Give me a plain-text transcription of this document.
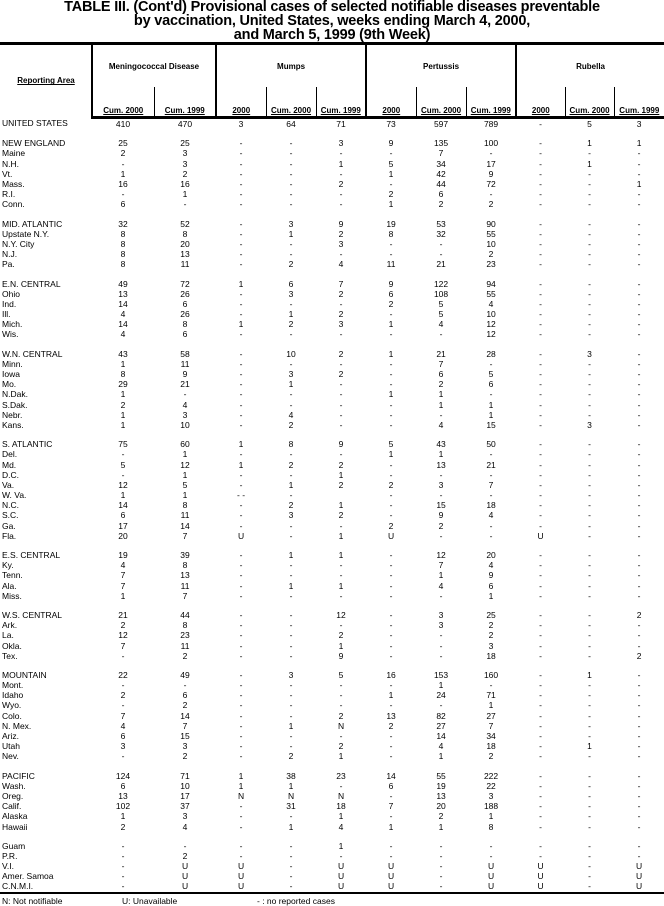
TABLE III. (Cont'd) Provisional cases of selected notifiable diseases preventable
by vaccination, United States, weeks ending March 4, 2000,
and March 5, 1999 (9th Week)
Reporting Area	Meningococcal Disease		Mumps			Pertussis			Rubella		
	Cum. 2000	Cum. 1999	2000	Cum. 2000	Cum. 1999	2000	Cum. 2000	Cum. 1999	2000	Cum. 2000	Cum. 1999
UNITED STATES	410	470	3	64	71	73	597	789	-	5	3

NEW ENGLAND	25	25	-	-	3	9	135	100	-	1	1
Maine	2	3	-	-	-	-	7	-	-	-	-
N.H.	-	3	-	-	1	5	34	17	-	1	-
Vt.	1	2	-	-	-	1	42	9	-	-	-
Mass.	16	16	-	-	2	-	44	72	-	-	1
R.I.	-	1	-	-	-	2	6	-	-	-	-
Conn.	6	-	-	-	-	1	2	2	-	-	-

MID. ATLANTIC	32	52	-	3	9	19	53	90	-	-	-
Upstate N.Y.	8	8	-	1	2	8	32	55	-	-	-
N.Y. City	8	20	-	-	3	-	-	10	-	-	-
N.J.	8	13	-	-	-	-	-	2	-	-	-
Pa.	8	11	-	2	4	11	21	23	-	-	-

E.N. CENTRAL	49	72	1	6	7	9	122	94	-	-	-
Ohio	13	26	-	3	2	6	108	55	-	-	-
Ind.	14	6	-	-	-	2	5	4	-	-	-
Ill.	4	26	-	1	2	-	5	10	-	-	-
Mich.	14	8	1	2	3	1	4	12	-	-	-
Wis.	4	6	-	-	-	-	-	12	-	-	-

W.N. CENTRAL	43	58	-	10	2	1	21	28	-	3	-
Minn.	1	11	-	-	-	-	7	-	-	-	-
Iowa	8	9	-	3	2	-	6	5	-	-	-
Mo.	29	21	-	1	-	-	2	6	-	-	-
N.Dak.	1	-	-	-	-	1	1	-	-	-	-
S.Dak.	2	4	-	-	-	-	1	1	-	-	-
Nebr.	1	3	-	4	-	-	-	1	-	-	-
Kans.	1	10	-	2	-	-	4	15	-	3	-

S. ATLANTIC	75	60	1	8	9	5	43	50	-	-	-
Del.	-	1	-	-	-	1	1	-	-	-	-
Md.	5	12	1	2	2	-	13	21	-	-	-
D.C.	-	1	-	-	1	-	-	-	-	-	-
Va.	12	5	-	1	2	2	3	7	-	-	-
W. Va.	1	1	- -	-		-	-	-	-	-	-
N.C.	14	8	-	2	1	-	15	18	-	-	-
S.C.	6	11	-	3	2	-	9	4	-	-	-
Ga.	17	14	-	-	-	2	2	-	-	-	-
Fla.	20	7	U	-	1	U	-	-	U	-	-

E.S. CENTRAL	19	39	-	1	1	-	12	20	-	-	-
Ky.	4	8	-	-	-	-	7	4	-	-	-
Tenn.	7	13	-	-	-	-	1	9	-	-	-
Ala.	7	11	-	1	1	-	4	6	-	-	-
Miss.	1	7	-	-	-	-	-	1	-	-	-

W.S. CENTRAL	21	44	-	-	12	-	3	25	-	-	2
Ark.	2	8	-	-	-	-	3	2	-	-	-
La.	12	23	-	-	2	-	-	2	-	-	-
Okla.	7	11	-	-	1	-	-	3	-	-	-
Tex.	-	2	-	-	9	-	-	18	-	-	2

MOUNTAIN	22	49	-	3	5	16	153	160	-	1	-
Mont.	-	-	-	-	-	-	1	-	-	-	-
Idaho	2	6	-	-	-	1	24	71	-	-	-
Wyo.	-	2	-	-	-	-	-	1	-	-	-
Colo.	7	14	-	-	2	13	82	27	-	-	-
N. Mex.	4	7	-	1	N	2	27	7	-	-	-
Ariz.	6	15	-	-	-	-	14	34	-	-	-
Utah	3	3	-	-	2	-	4	18	-	1	-
Nev.	-	2	-	2	1	-	1	2	-	-	-

PACIFIC	124	71	1	38	23	14	55	222	-	-	-
Wash.	6	10	1	1	-	6	19	22	-	-	-
Oreg.	13	17	N	N	N	-	13	3	-	-	-
Calif.	102	37	-	31	18	7	20	188	-	-	-
Alaska	1	3	-	-	1	-	2	1	-	-	-
Hawaii	2	4	-	1	4	1	1	8	-	-	-

Guam	-	-	-	-	1	-	-	-	-	-	-
P.R.	-	2	-	-	-	-	-	-	-	-	-
V.I.	-	U	U	-	U	U	-	U	U	-	U
Amer. Samoa	-	U	U	-	U	U	-	U	U	-	U
C.N.M.I.	-	U	U	-	U	U	-	U	U	-	U
N: Not notifiable	U: Unavailable	- : no reported cases
